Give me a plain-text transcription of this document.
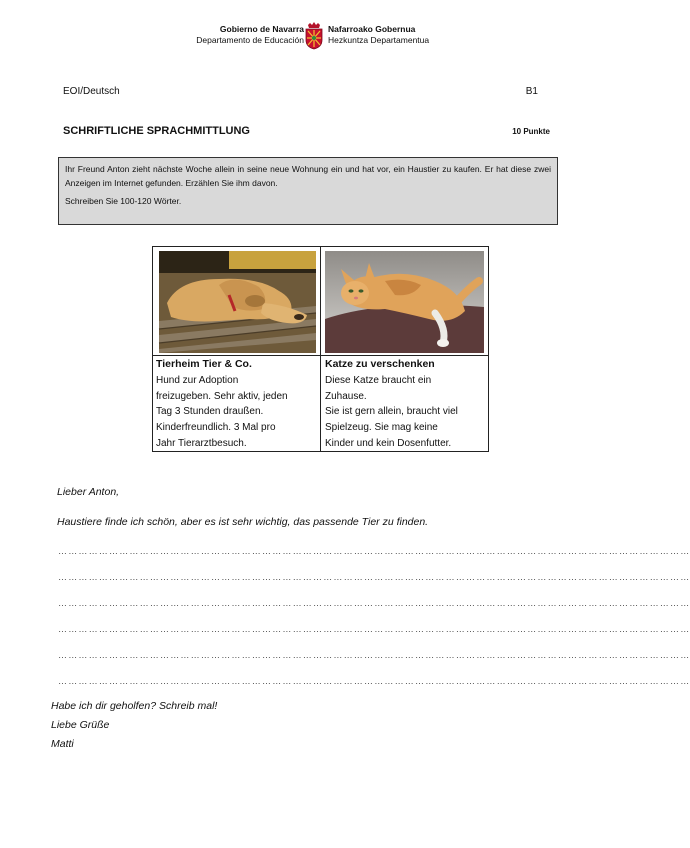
Gobierno de Navarra
Departamento de Educación
Nafarroako Gobernua
Hezkuntza Departamentua
EOI/Deutsch	B1
SCHRIFTLICHE SPRACHMITTLUNG	10 Punkte

Ihr Freund Anton zieht nächste Woche allein in seine neue Wohnung ein und hat vor, ein Haustier zu kaufen. Er hat diese zwei Anzeigen im Internet gefunden. Erzählen Sie ihm davon.

Schreiben Sie 100-120 Wörter.

Tierheim Tier & Co.
Hund zur Adoption
freizugeben. Sehr aktiv, jeden
Tag 3 Stunden draußen.
Kinderfreundlich. 3 Mal pro
Jahr Tierarztbesuch.
Katze zu verschenken
Diese Katze braucht ein
Zuhause.
Sie ist gern allein, braucht viel
Spielzeug. Sie mag keine
Kinder und kein Dosenfutter.
Lieber Anton,
Haustiere finde ich schön, aber es ist sehr wichtig, das passende Tier zu finden.
……………………………………………………………………………………………………………………………………………………………………
……………………………………………………………………………………………………………………………………………………………………
……………………………………………………………………………………………………………………………………………………………………
……………………………………………………………………………………………………………………………………………………………………
……………………………………………………………………………………………………………………………………………………………………
……………………………………………………………………………………………………………………………………………………………………
Habe ich dir geholfen? Schreib mal!
Liebe Grüße
Matti
